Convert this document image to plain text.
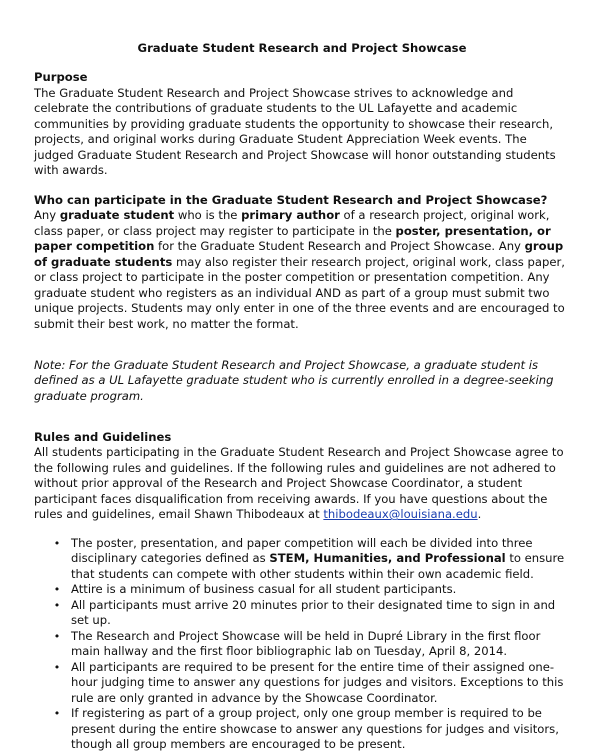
Graduate Student Research and Project Showcase
Purpose

The Graduate Student Research and Project Showcase strives to acknowledge and celebrate the contributions of graduate students to the UL Lafayette and academic communities by providing graduate students the opportunity to showcase their research, projects, and original works during Graduate Student Appreciation Week events. The judged Graduate Student Research and Project Showcase will honor outstanding students with awards.

Who can participate in the Graduate Student Research and Project Showcase?

Any graduate student who is the primary author of a research project, original work, class paper, or class project may register to participate in the poster, presentation, or paper competition for the Graduate Student Research and Project Showcase. Any group of graduate students may also register their research project, original work, class paper, or class project to participate in the poster competition or presentation competition. Any graduate student who registers as an individual AND as part of a group must submit two unique projects. Students may only enter in one of the three events and are encouraged to submit their best work, no matter the format.

Note: For the Graduate Student Research and Project Showcase, a graduate student is defined as a UL Lafayette graduate student who is currently enrolled in a degree-seeking graduate program.

Rules and Guidelines

All students participating in the Graduate Student Research and Project Showcase agree to the following rules and guidelines. If the following rules and guidelines are not adhered to without prior approval of the Research and Project Showcase Coordinator, a student participant faces disqualification from receiving awards. If you have questions about the rules and guidelines, email Shawn Thibodeaux at thibodeaux@louisiana.edu.

• The poster, presentation, and paper competition will each be divided into three disciplinary categories defined as STEM, Humanities, and Professional to ensure that students can compete with other students within their own academic field.
• Attire is a minimum of business casual for all student participants.
• All participants must arrive 20 minutes prior to their designated time to sign in and set up.
• The Research and Project Showcase will be held in Dupré Library in the first floor main hallway and the first floor bibliographic lab on Tuesday, April 8, 2014.
• All participants are required to be present for the entire time of their assigned one-hour judging time to answer any questions for judges and visitors. Exceptions to this rule are only granted in advance by the Showcase Coordinator.
• If registering as part of a group project, only one group member is required to be present during the entire showcase to answer any questions for judges and visitors, though all group members are encouraged to be present.
